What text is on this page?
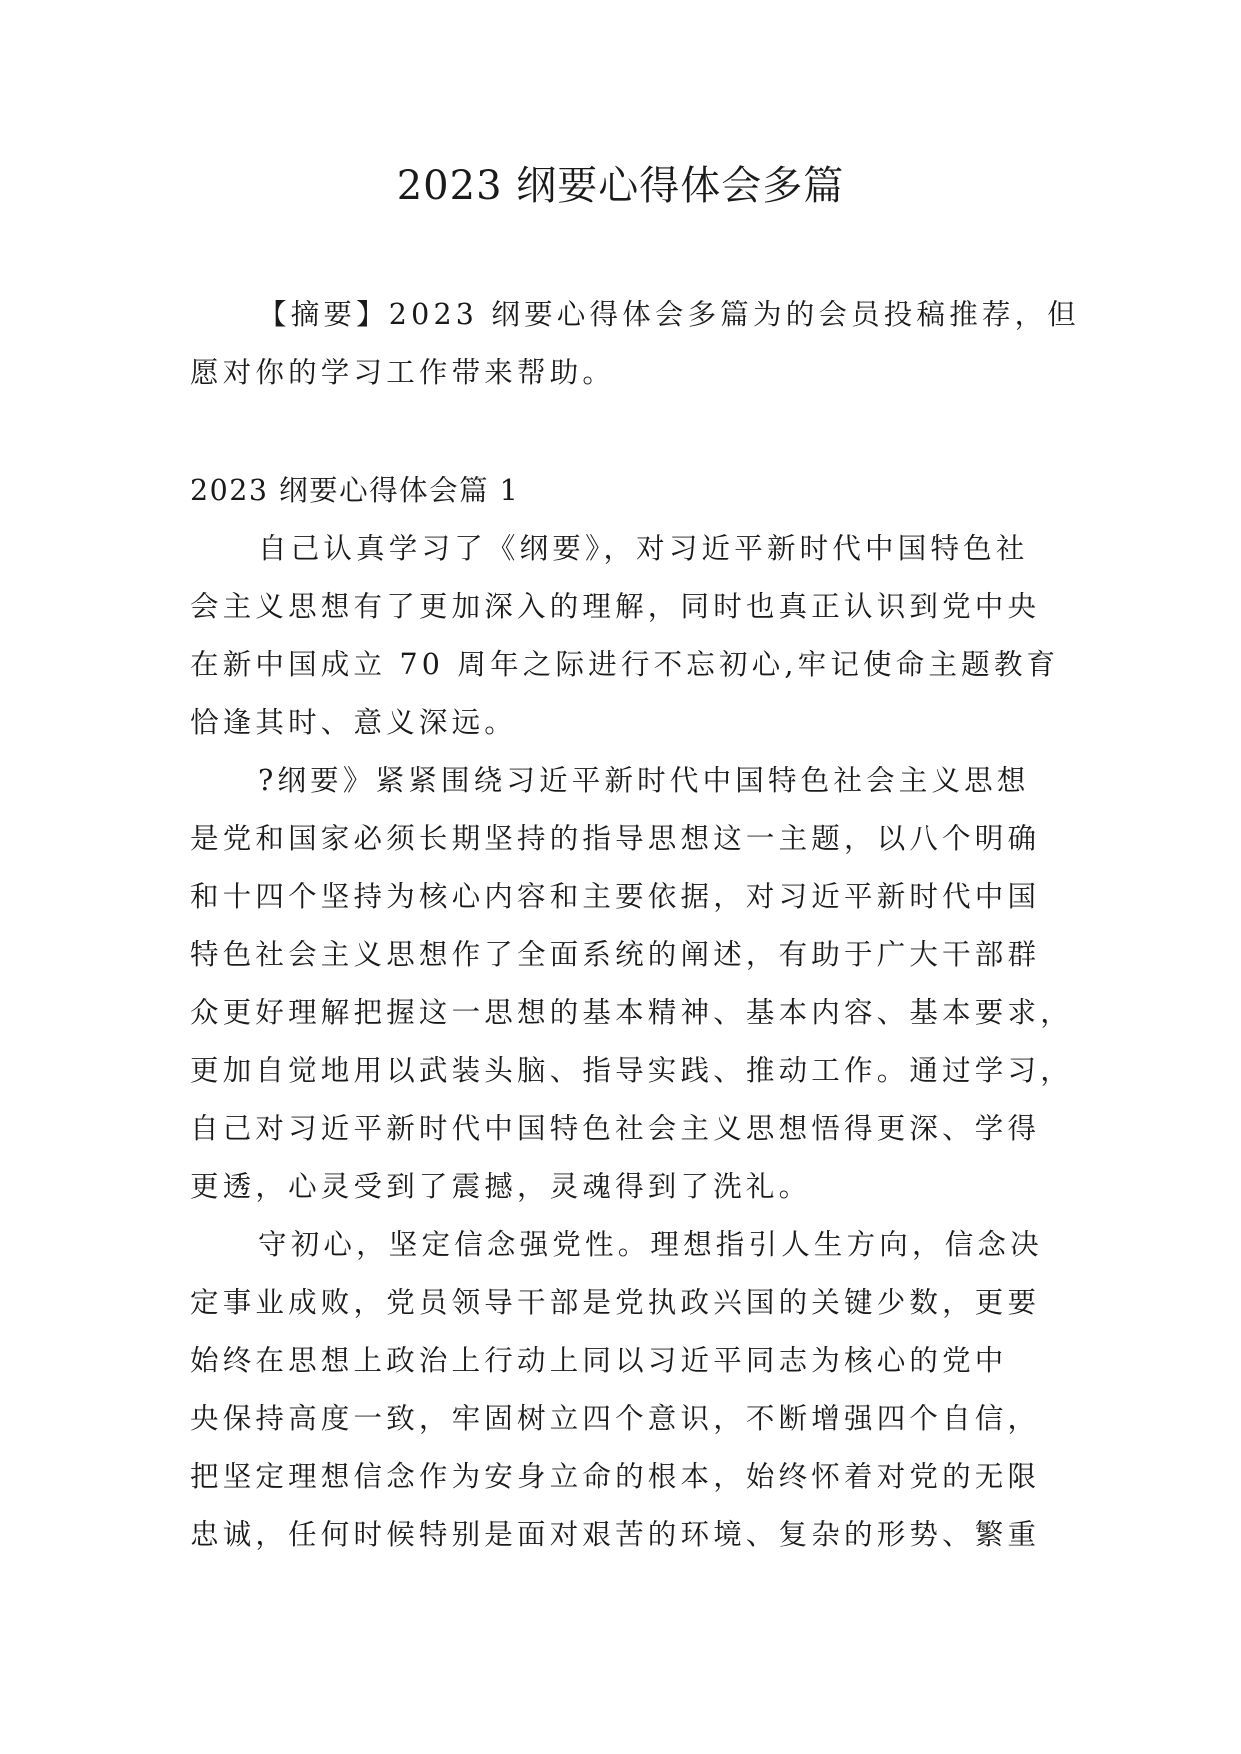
2023 纲要心得体会多篇
【摘要】2023 纲要心得体会多篇为的会员投稿推荐，但
愿对你的学习工作带来帮助。
2023 纲要心得体会篇 1
自己认真学习了《纲要》，对习近平新时代中国特色社
会主义思想有了更加深入的理解，同时也真正认识到党中央
在新中国成立 70 周年之际进行不忘初心,牢记使命主题教育
恰逢其时、意义深远。
?纲要》紧紧围绕习近平新时代中国特色社会主义思想
是党和国家必须长期坚持的指导思想这一主题，以八个明确
和十四个坚持为核心内容和主要依据，对习近平新时代中国
特色社会主义思想作了全面系统的阐述，有助于广大干部群
众更好理解把握这一思想的基本精神、基本内容、基本要求，
更加自觉地用以武装头脑、指导实践、推动工作。通过学习，
自己对习近平新时代中国特色社会主义思想悟得更深、学得
更透，心灵受到了震撼，灵魂得到了洗礼。
守初心，坚定信念强党性。理想指引人生方向，信念决
定事业成败，党员领导干部是党执政兴国的关键少数，更要
始终在思想上政治上行动上同以习近平同志为核心的党中
央保持高度一致，牢固树立四个意识，不断增强四个自信，
把坚定理想信念作为安身立命的根本，始终怀着对党的无限
忠诚，任何时候特别是面对艰苦的环境、复杂的形势、繁重
